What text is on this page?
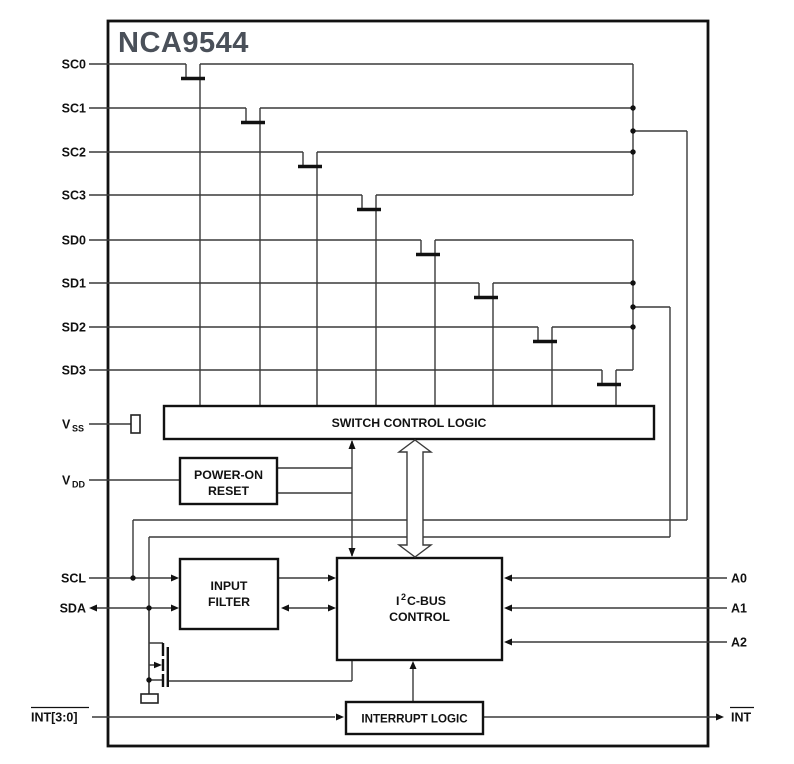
SWITCH CONTROL LOGIC
POWER-ON
RESET
INPUT
FILTER	I 2 C-BUS
CONTROL
INTERRUPT LOGIC
NCA9544
SC0
SC1
SC2
SC3
SD0
SD1
SD2
SD3
V SS
V DD
SCL
SDA
INT[3:0]
A0
A1
A2
INT
